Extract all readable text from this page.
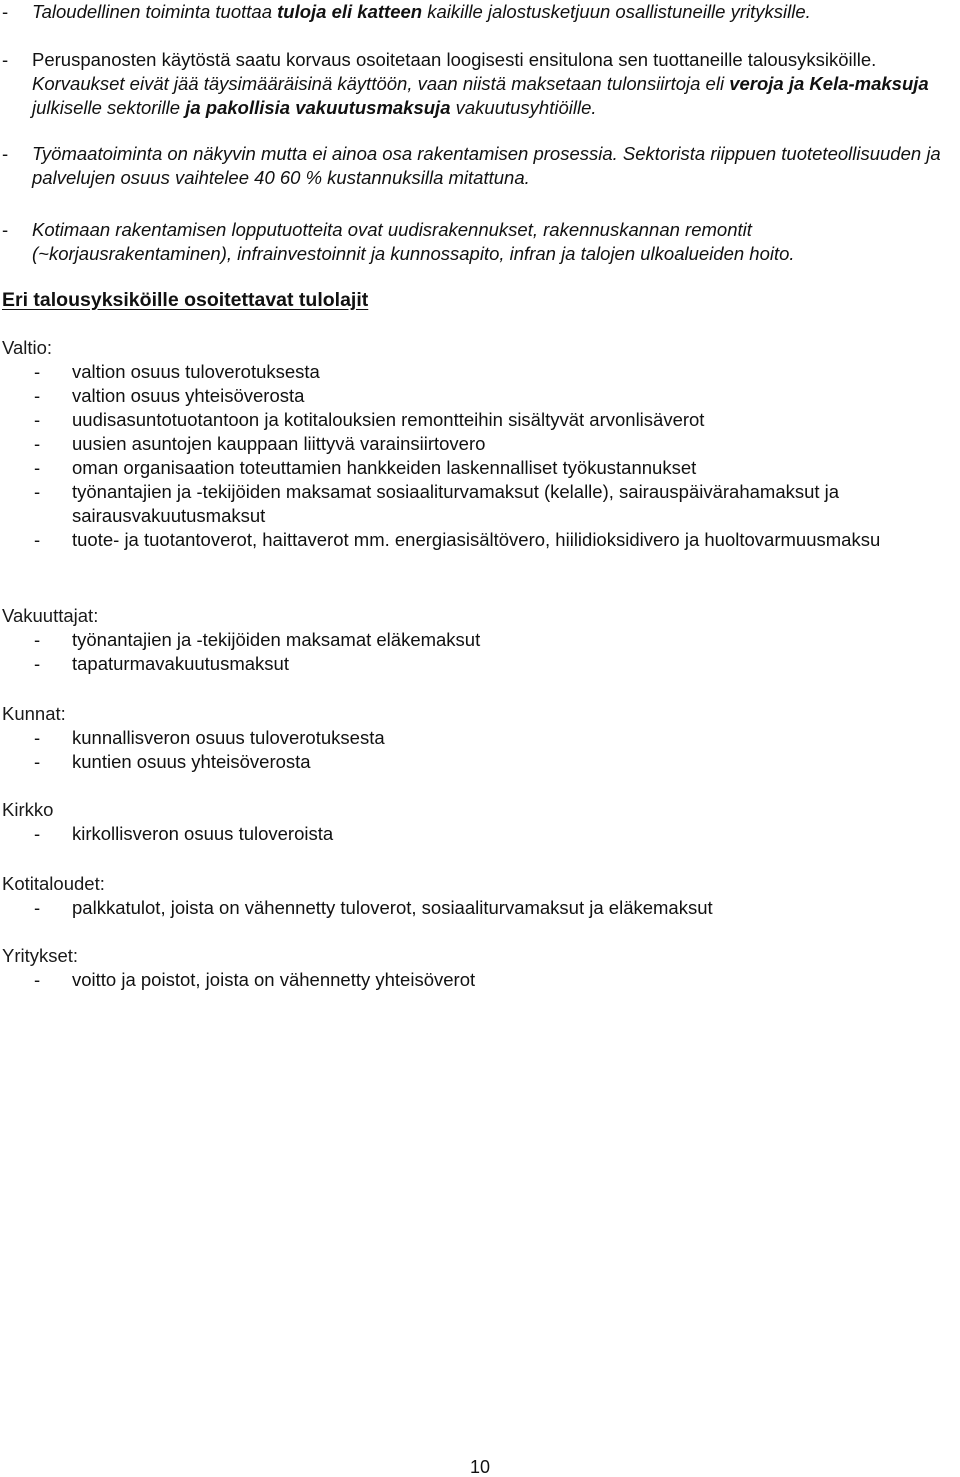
-	Taloudellinen toiminta tuottaa tuloja eli katteen kaikille jalostusketjuun osallistuneille yrityksille.
-	Peruspanosten käytöstä saatu korvaus osoitetaan loogisesti ensitulona sen tuottaneille talousyksiköille. Korvaukset eivät jää täysimääräisinä käyttöön, vaan niistä maksetaan tulonsiirtoja eli veroja ja Kela-maksuja julkiselle sektorille ja pakollisia vakuutusmaksuja vakuutusyhtiöille.
-	Työmaatoiminta on näkyvin mutta ei ainoa osa rakentamisen prosessia. Sektorista riippuen tuoteteollisuuden ja palvelujen osuus vaihtelee 40 60 % kustannuksilla mitattuna.
-	Kotimaan rakentamisen lopputuotteita ovat uudisrakennukset, rakennuskannan remontit (~korjausrakentaminen), infrainvestoinnit ja kunnossapito, infran ja talojen ulkoalueiden hoito.
Eri talousyksiköille osoitettavat tulolajit

Valtio:

-	valtion osuus tuloverotuksesta
-	valtion osuus yhteisöverosta
-	uudisasuntotuotantoon ja kotitalouksien remontteihin sisältyvät arvonlisäverot
-	uusien asuntojen kauppaan liittyvä varainsiirtovero
-	oman organisaation toteuttamien hankkeiden laskennalliset työkustannukset
-	työnantajien ja -tekijöiden maksamat sosiaaliturvamaksut (kelalle), sairauspäivärahamaksut ja sairausvakuutusmaksut
-	tuote- ja tuotantoverot, haittaverot mm. energiasisältövero, hiilidioksidivero ja huoltovarmuusmaksu

Vakuuttajat:

-	työnantajien ja -tekijöiden maksamat eläkemaksut
-	tapaturmavakuutusmaksut

Kunnat:

-	kunnallisveron osuus tuloverotuksesta
-	kuntien osuus yhteisöverosta

Kirkko

-	kirkollisveron osuus tuloveroista

Kotitaloudet:

-	palkkatulot, joista on vähennetty tuloverot, sosiaaliturvamaksut ja eläkemaksut

Yritykset:

-	voitto ja poistot, joista on vähennetty yhteisöverot
10
